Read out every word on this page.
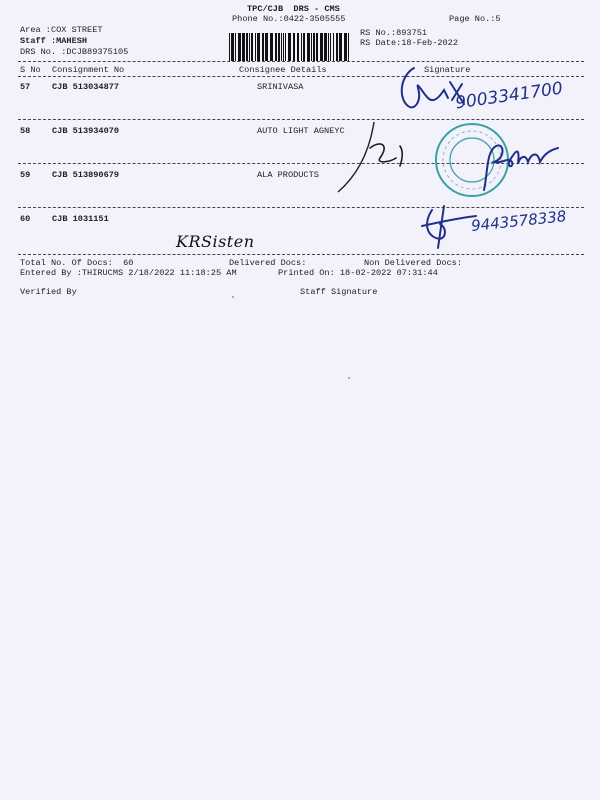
TPC/CJB  DRS - CMS
Phone No.:0422-3505555	Page No.:5
Area :COX STREET
Staff :MAHESH
DRS No. :DCJB89375105
RS No.:893751
RS Date:18-Feb-2022
S No Consignment No	Consignee Details	Signature
57	CJB 513034877	SRINIVASA
58	CJB 513934070	AUTO LIGHT AGNEYC
59	CJB 513890679	ALA PRODUCTS
60	CJB 1031151
Total No. Of Docs:  60	Delivered Docs:	Non Delivered Docs:
Entered By :THIRUCMS 2/18/2022 11:18:25 AM	Printed On: 18-02-2022 07:31:44
Verified By	Staff Signature
9003341700
9443578338
KRSisten
